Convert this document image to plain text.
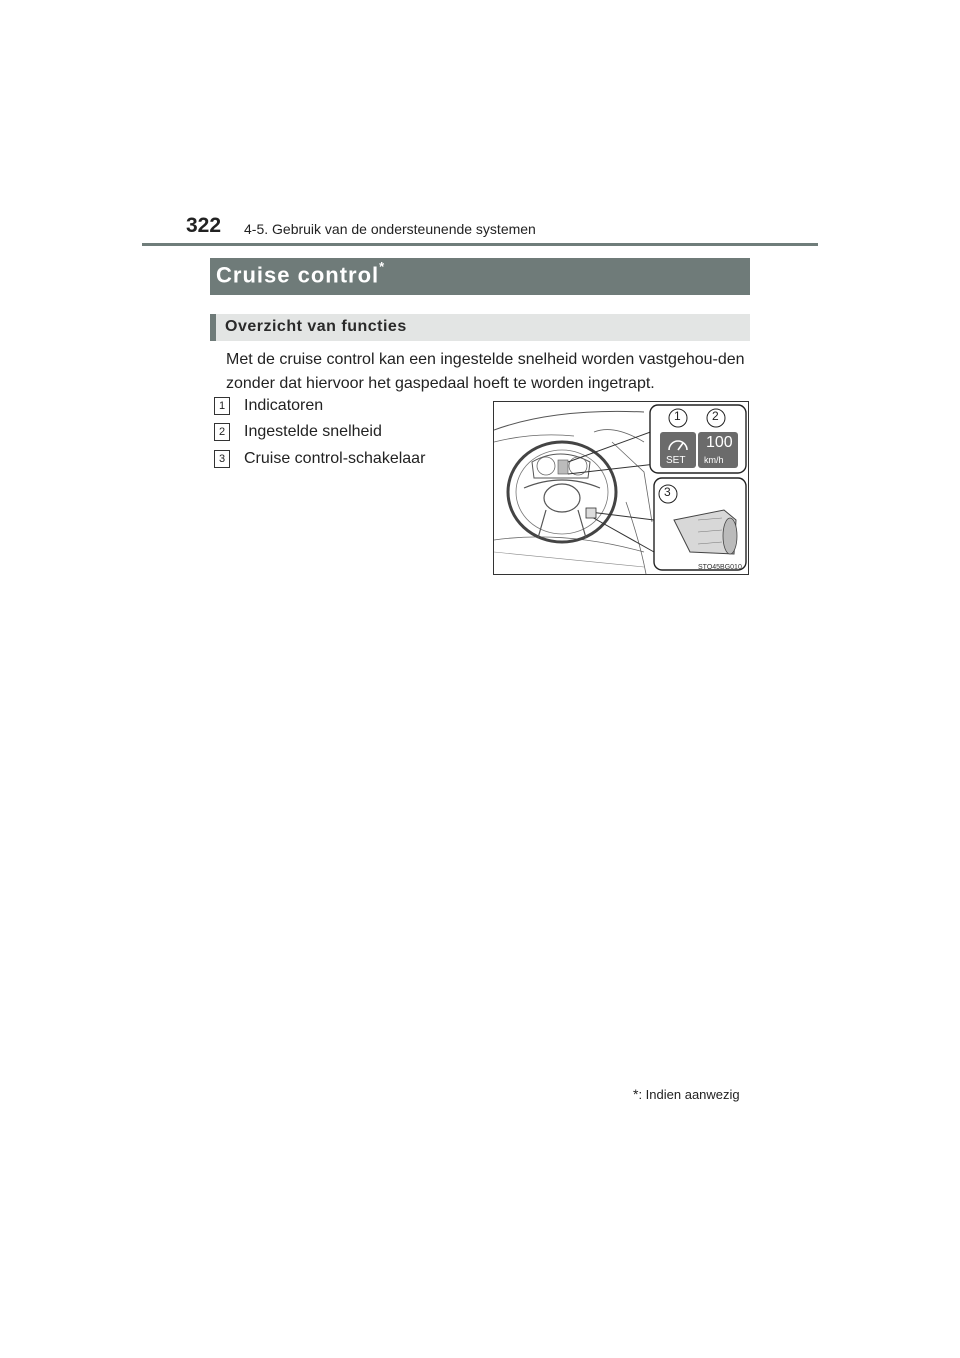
322 4-5. Gebruik van de ondersteunende systemen
Cruise control*
Overzicht van functies
Met de cruise control kan een ingestelde snelheid worden vastgehou-den zonder dat hiervoor het gaspedaal hoeft te worden ingetrapt.
1	Indicatoren
2	Ingestelde snelheid
3	Cruise control-schakelaar
1	2
3
SET
100
km/h
STO45BG010
*: Indien aanwezig
